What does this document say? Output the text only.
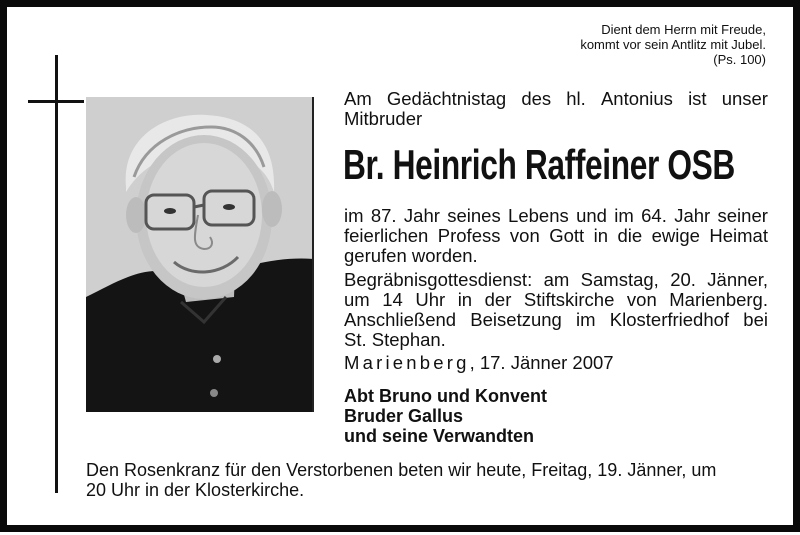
Dient dem Herrn mit Freude,
kommt vor sein Antlitz mit Jubel.
(Ps. 100)
Am Gedächtnistag des hl. Antonius ist unser
Mitbruder
Br. Heinrich Raffeiner OSB
im 87. Jahr seines Lebens und im 64. Jahr seiner
feierlichen Profess von Gott in die ewige Heimat
gerufen worden.
Begräbnisgottesdienst: am Samstag, 20. Jänner,
um 14 Uhr in der Stiftskirche von Marienberg.
Anschließend Beisetzung im Klosterfriedhof bei
St. Stephan.
Marienberg, 17. Jänner 2007
Abt Bruno und Konvent
Bruder Gallus
und seine Verwandten
Den Rosenkranz für den Verstorbenen beten wir heute, Freitag, 19. Jänner, um
20 Uhr in der Klosterkirche.
